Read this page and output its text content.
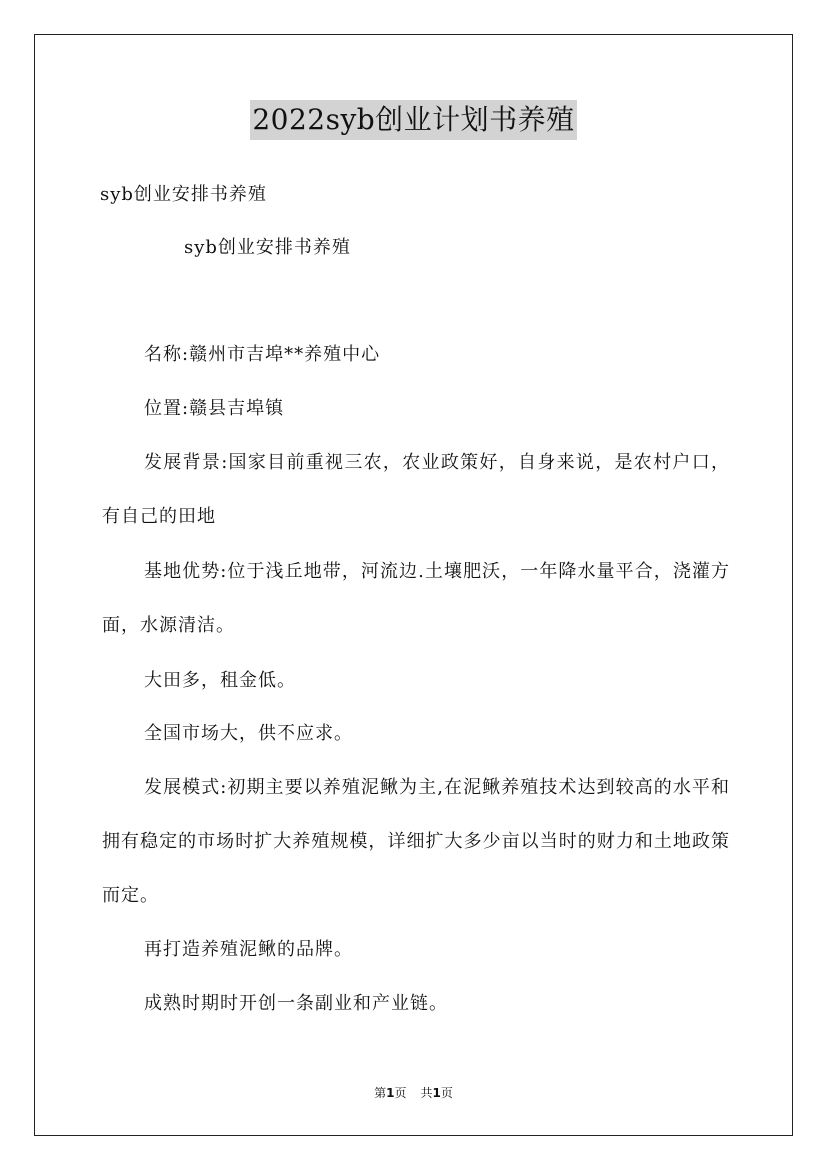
2022syb创业计划书养殖
syb创业安排书养殖
syb创业安排书养殖
名称:赣州市吉埠**养殖中心
位置:赣县吉埠镇
发展背景:国家目前重视三农，农业政策好，自身来说，是农村户口，有自己的田地
基地优势:位于浅丘地带，河流边.土壤肥沃，一年降水量平合，浇灌方面，水源清洁。
大田多，租金低。
全国市场大，供不应求。
发展模式:初期主要以养殖泥鳅为主,在泥鳅养殖技术达到较高的水平和拥有稳定的市场时扩大养殖规模，详细扩大多少亩以当时的财力和土地政策而定。
再打造养殖泥鳅的品牌。
成熟时期时开创一条副业和产业链。
第1页 共1页
